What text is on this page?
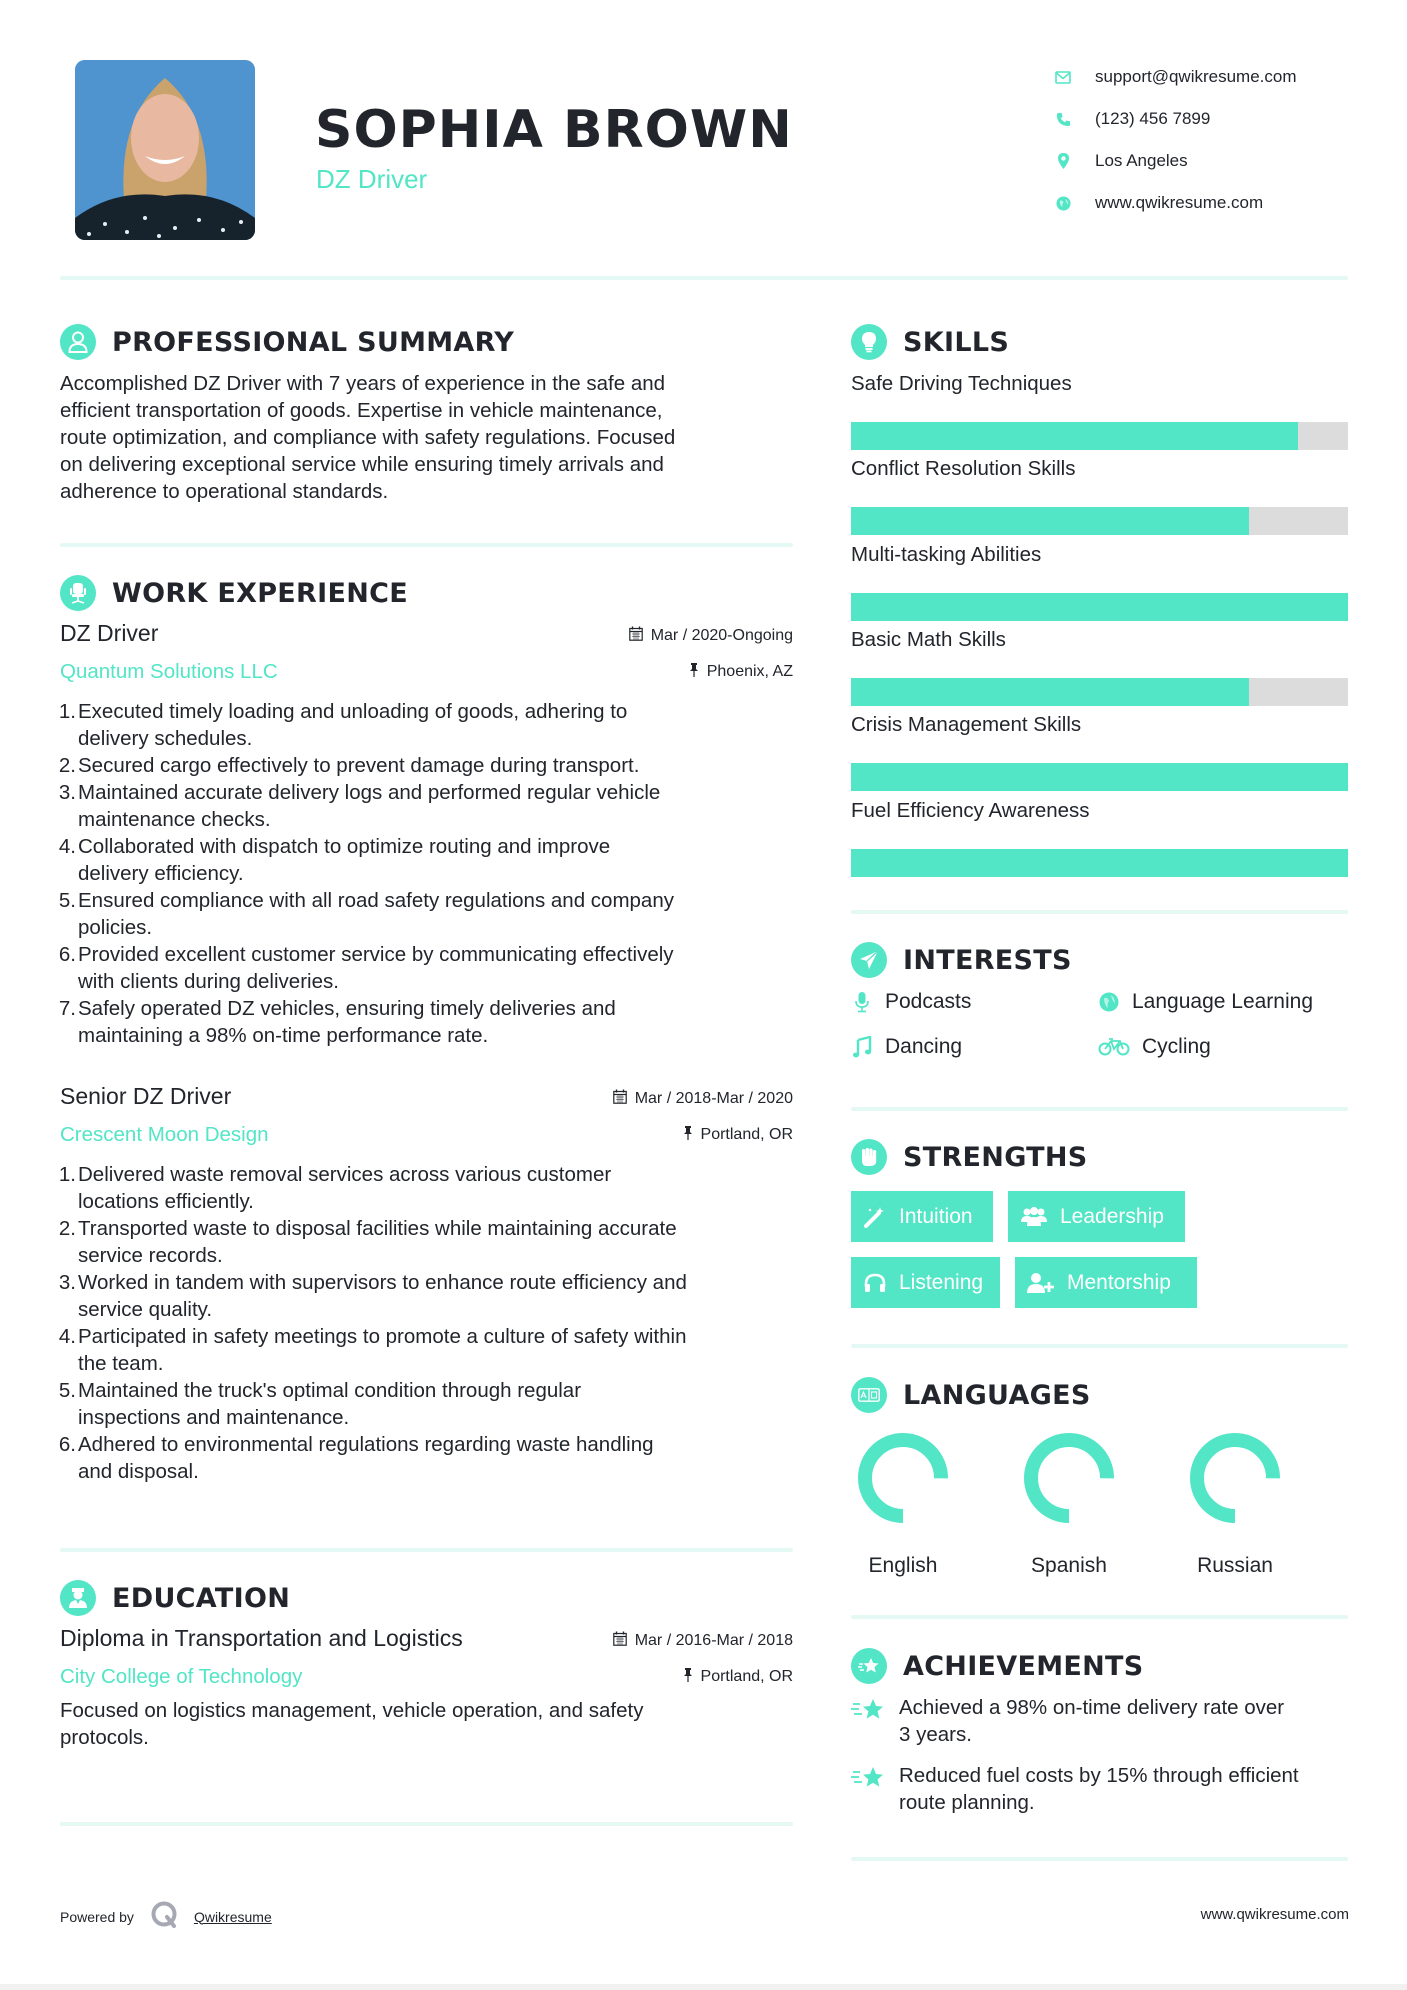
SOPHIA BROWN
DZ Driver
support@qwikresume.com
(123) 456 7899
Los Angeles
www.qwikresume.com
PROFESSIONAL SUMMARY
Accomplished DZ Driver with 7 years of experience in the safe and
efficient transportation of goods. Expertise in vehicle maintenance,
route optimization, and compliance with safety regulations. Focused
on delivering exceptional service while ensuring timely arrivals and
adherence to operational standards.
WORK EXPERIENCE
DZ Driver	Mar / 2020-Ongoing
Quantum Solutions LLC	Phoenix, AZ
1. Executed timely loading and unloading of goods, adhering to
delivery schedules.
2. Secured cargo effectively to prevent damage during transport.
3. Maintained accurate delivery logs and performed regular vehicle
maintenance checks.
4. Collaborated with dispatch to optimize routing and improve
delivery efficiency.
5. Ensured compliance with all road safety regulations and company
policies.
6. Provided excellent customer service by communicating effectively
with clients during deliveries.
7. Safely operated DZ vehicles, ensuring timely deliveries and
maintaining a 98% on-time performance rate.
Senior DZ Driver	Mar / 2018-Mar / 2020
Crescent Moon Design	Portland, OR
1. Delivered waste removal services across various customer
locations efficiently.
2. Transported waste to disposal facilities while maintaining accurate
service records.
3. Worked in tandem with supervisors to enhance route efficiency and
service quality.
4. Participated in safety meetings to promote a culture of safety within
the team.
5. Maintained the truck's optimal condition through regular
inspections and maintenance.
6. Adhered to environmental regulations regarding waste handling
and disposal.
EDUCATION
Diploma in Transportation and Logistics	Mar / 2016-Mar / 2018
City College of Technology	Portland, OR
Focused on logistics management, vehicle operation, and safety
protocols.
SKILLS
Safe Driving Techniques
Conflict Resolution Skills
Multi-tasking Abilities
Basic Math Skills
Crisis Management Skills
Fuel Efficiency Awareness
INTERESTS
Podcasts	Language Learning
Dancing	Cycling
STRENGTHS
Intuition	Leadership
Listening	Mentorship
LANGUAGES
English	Spanish	Russian
ACHIEVEMENTS
Achieved a 98% on-time delivery rate over
3 years.
Reduced fuel costs by 15% through efficient
route planning.
Powered by	Qwikresume	www.qwikresume.com
